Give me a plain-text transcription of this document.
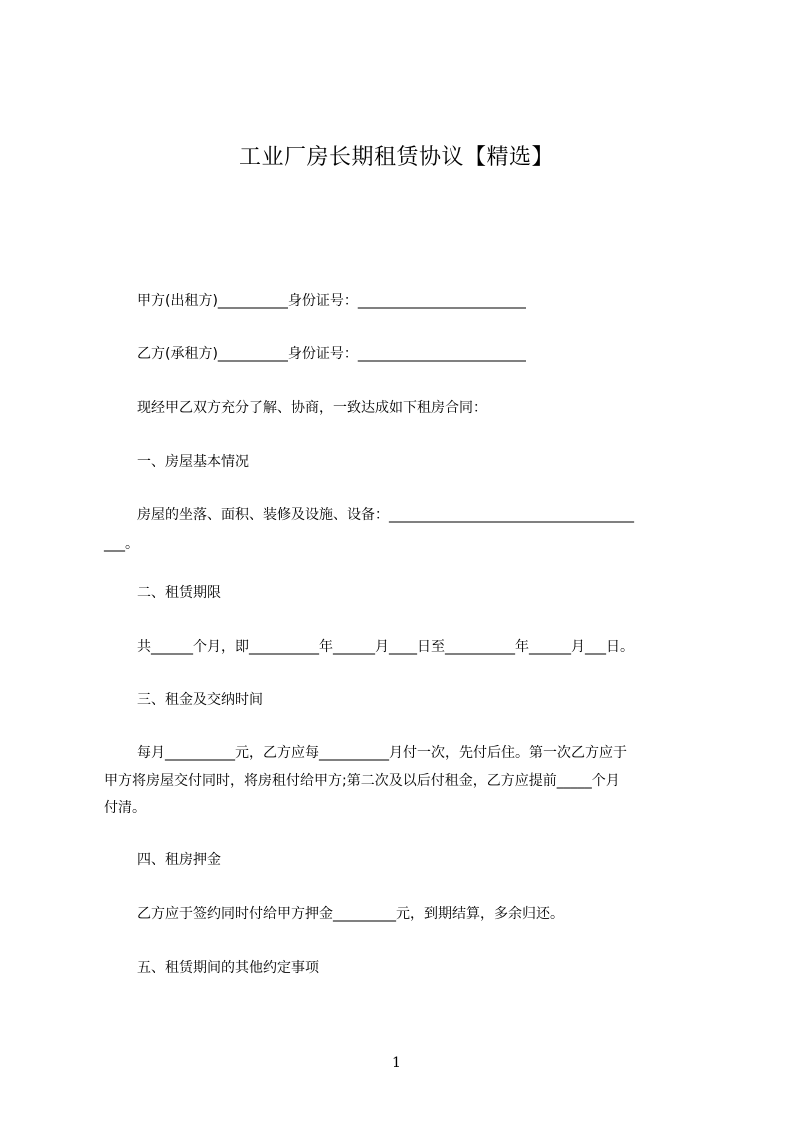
工业厂房长期租赁协议【精选】

甲方(出租方)__________身份证号：________________________

乙方(承租方)__________身份证号：________________________

现经甲乙双方充分了解、协商，一致达成如下租房合同：

一、房屋基本情况

房屋的坐落、面积、装修及设施、设备：___________________________________

___。

二、租赁期限

共______个月，即__________年______月____日至__________年______月___日。

三、租金及交纳时间

每月__________元，乙方应每__________月付一次，先付后住。第一次乙方应于

甲方将房屋交付同时，将房租付给甲方;第二次及以后付租金，乙方应提前_____个月

付清。

四、租房押金

乙方应于签约同时付给甲方押金_________元，到期结算，多余归还。

五、租赁期间的其他约定事项

1
